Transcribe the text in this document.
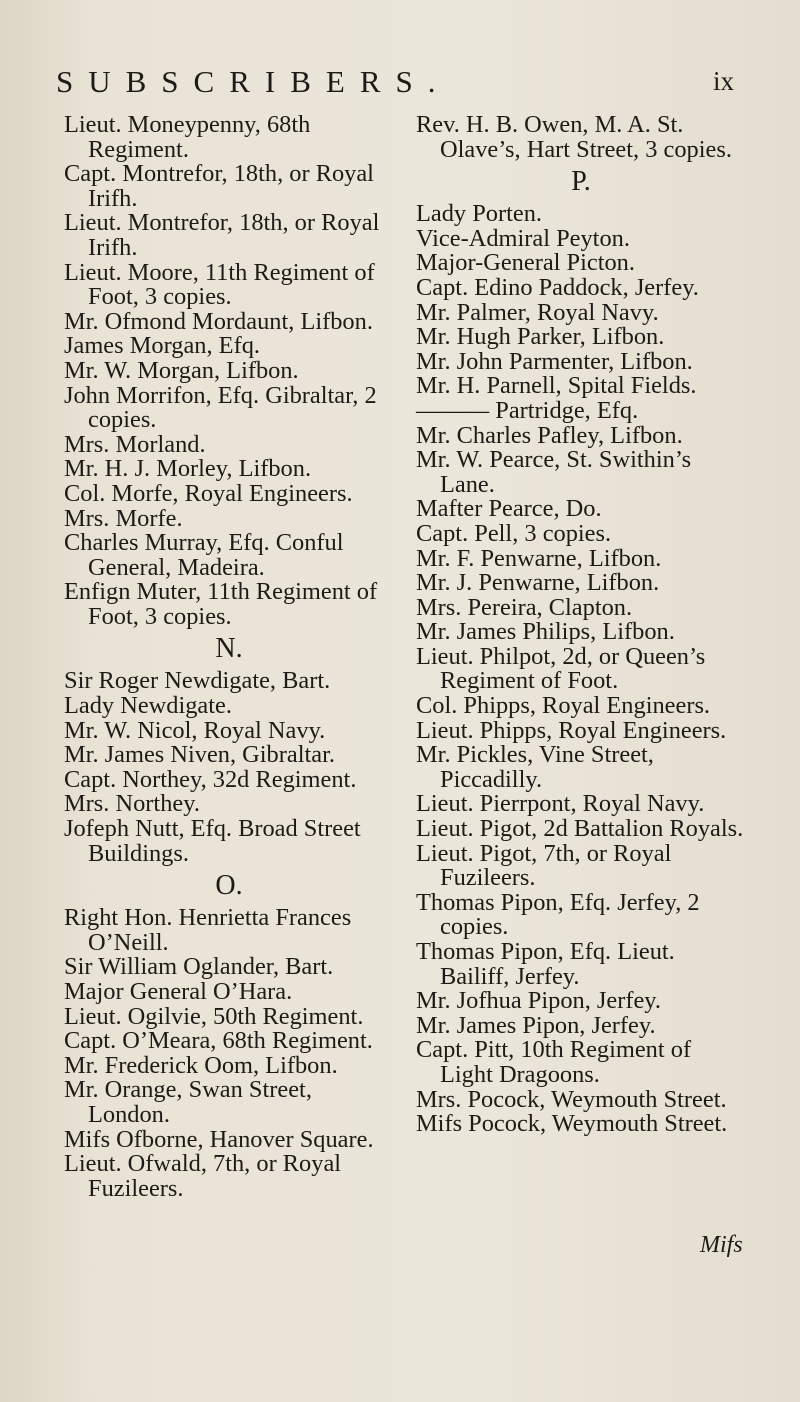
SUBSCRIBERS.	ix
Lieut. Moneypenny, 68th Regiment.
Capt. Montrefor, 18th, or Royal Irifh.
Lieut. Montrefor, 18th, or Royal Irifh.
Lieut. Moore, 11th Regiment of Foot, 3 copies.
Mr. Ofmond Mordaunt, Lifbon.
James Morgan, Efq.
Mr. W. Morgan, Lifbon.
John Morrifon, Efq. Gibraltar, 2 copies.
Mrs. Morland.
Mr. H. J. Morley, Lifbon.
Col. Morfe, Royal Engineers.
Mrs. Morfe.
Charles Murray, Efq. Conful General, Madeira.
Enfign Muter, 11th Regiment of Foot, 3 copies.
N.
Sir Roger Newdigate, Bart.
Lady Newdigate.
Mr. W. Nicol, Royal Navy.
Mr. James Niven, Gibraltar.
Capt. Northey, 32d Regiment.
Mrs. Northey.
Jofeph Nutt, Efq. Broad Street Buildings.
O.
Right Hon. Henrietta Frances O’Neill.
Sir William Oglander, Bart.
Major General O’Hara.
Lieut. Ogilvie, 50th Regiment.
Capt. O’Meara, 68th Regiment.
Mr. Frederick Oom, Lifbon.
Mr. Orange, Swan Street, London.
Mifs Ofborne, Hanover Square.
Lieut. Ofwald, 7th, or Royal Fuzileers.
Rev. H. B. Owen, M. A. St. Olave’s, Hart Street, 3 copies.
P.
Lady Porten.
Vice-Admiral Peyton.
Major-General Picton.
Capt. Edino Paddock, Jerfey.
Mr. Palmer, Royal Navy.
Mr. Hugh Parker, Lifbon.
Mr. John Parmenter, Lifbon.
Mr. H. Parnell, Spital Fields.
——— Partridge, Efq.
Mr. Charles Pafley, Lifbon.
Mr. W. Pearce, St. Swithin’s Lane.
Mafter Pearce, Do.
Capt. Pell, 3 copies.
Mr. F. Penwarne, Lifbon.
Mr. J. Penwarne, Lifbon.
Mrs. Pereira, Clapton.
Mr. James Philips, Lifbon.
Lieut. Philpot, 2d, or Queen’s Regiment of Foot.
Col. Phipps, Royal Engineers.
Lieut. Phipps, Royal Engineers.
Mr. Pickles, Vine Street, Piccadilly.
Lieut. Pierrpont, Royal Navy.
Lieut. Pigot, 2d Battalion Royals.
Lieut. Pigot, 7th, or Royal Fuzileers.
Thomas Pipon, Efq. Jerfey, 2 copies.
Thomas Pipon, Efq. Lieut. Bailiff, Jerfey.
Mr. Jofhua Pipon, Jerfey.
Mr. James Pipon, Jerfey.
Capt. Pitt, 10th Regiment of Light Dragoons.
Mrs. Pocock, Weymouth Street.
Mifs Pocock, Weymouth Street.
Mifs
